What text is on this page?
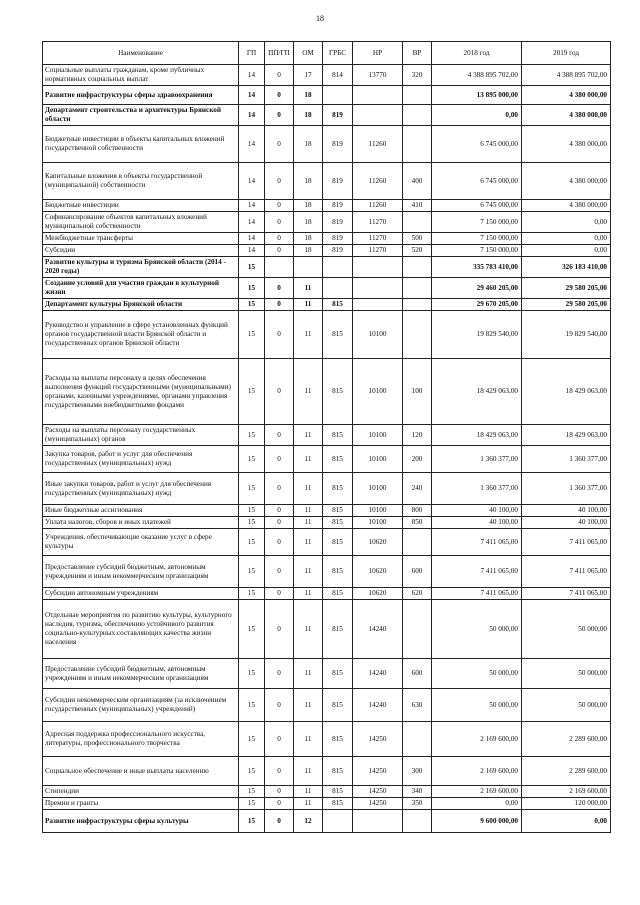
18
Наименование	ГП	ПП/ГП	ОМ	ГРБС	НР	ВР	2018 год	2019 год
Социальные выплаты гражданам, кроме публичных нормативных социальных выплат	14	0	17	814	13770	320	4 388 895 702,00	4 388 895 702,00
Развитие инфраструктуры сферы здравоохранения	14	0	18				13 895 000,00	4 380 000,00
Департамент строительства и архитектуры Брянской области	14	0	18	819			0,00	4 380 000,00
Бюджетные инвестиции в объекты капитальных вложений государственной собственности	14	0	18	819	11260		6 745 000,00	4 380 000,00
Капитальные вложения в объекты государственной (муниципальной) собственности	14	0	18	819	11260	400	6 745 000,00	4 380 000,00
Бюджетные инвестиции	14	0	18	819	11260	410	6 745 000,00	4 380 000,00
Софинансирование объектов капитальных вложений муниципальной собственности	14	0	18	819	11270		7 150 000,00	0,00
Межбюджетные трансферты	14	0	18	819	11270	500	7 150 000,00	0,00
Субсидии	14	0	18	819	11270	520	7 150 000,00	0,00
Развитие культуры и туризма Брянской области (2014 - 2020 годы)	15						335 783 410,00	326 183 410,00
Создание условий для участия граждан в культурной жизни	15	0	11				29 460 205,00	29 580 205,00
Департамент культуры Брянской области	15	0	11	815			29 670 205,00	29 580 205,00
Руководство и управление в сфере установленных функций органов государственной власти Брянской области и государственных органов Брянской области	15	0	11	815	10100		19 829 540,00	19 829 540,00
Расходы на выплаты персоналу в целях обеспечения выполнения функций государственными (муниципальными) органами, казенными учреждениями, органами управления государственными внебюджетными фондами	15	0	11	815	10100	100	18 429 063,00	18 429 063,00
Расходы на выплаты персоналу государственных (муниципальных) органов	15	0	11	815	10100	120	18 429 063,00	18 429 063,00
Закупка товаров, работ и услуг для обеспечения государственных (муниципальных) нужд	15	0	11	815	10100	200	1 360 377,00	1 360 377,00
Иные закупки товаров, работ и услуг для обеспечения государственных (муниципальных) нужд	15	0	11	815	10100	240	1 360 377,00	1 360 377,00
Иные бюджетные ассигнования	15	0	11	815	10100	800	40 100,00	40 100,00
Уплата налогов, сборов и иных платежей	15	0	11	815	10100	850	40 100,00	40 100,00
Учреждения, обеспечивающие оказание услуг в сфере культуры	15	0	11	815	10620		7 411 065,00	7 411 065,00
Предоставление субсидий бюджетным, автономным учреждениям и иным некоммерческим организациям	15	0	11	815	10620	600	7 411 065,00	7 411 065,00
Субсидии автономным учреждениям	15	0	11	815	10620	620	7 411 065,00	7 411 065,00
Отдельные мероприятия по развитию культуры, культурного наследия, туризма, обеспечению устойчивого развития социально-культурных составляющих качества жизни населения	15	0	11	815	14240		50 000,00	50 000,00
Предоставление субсидий бюджетным, автономным учреждениям и иным некоммерческим организациям	15	0	11	815	14240	600	50 000,00	50 000,00
Субсидии некоммерческим организациям (за исключением государственных (муниципальных) учреждений)	15	0	11	815	14240	630	50 000,00	50 000,00
Адресная поддержка профессионального искусства, литературы, профессионального творчества	15	0	11	815	14250		2 169 600,00	2 289 600,00
Социальное обеспечение и иные выплаты населению	15	0	11	815	14250	300	2 169 600,00	2 289 600,00
Стипендии	15	0	11	815	14250	340	2 169 600,00	2 169 600,00
Премии и гранты	15	0	11	815	14250	350	0,00	120 000,00
Развитие инфраструктуры сферы культуры	15	0	12				9 600 000,00	0,00
